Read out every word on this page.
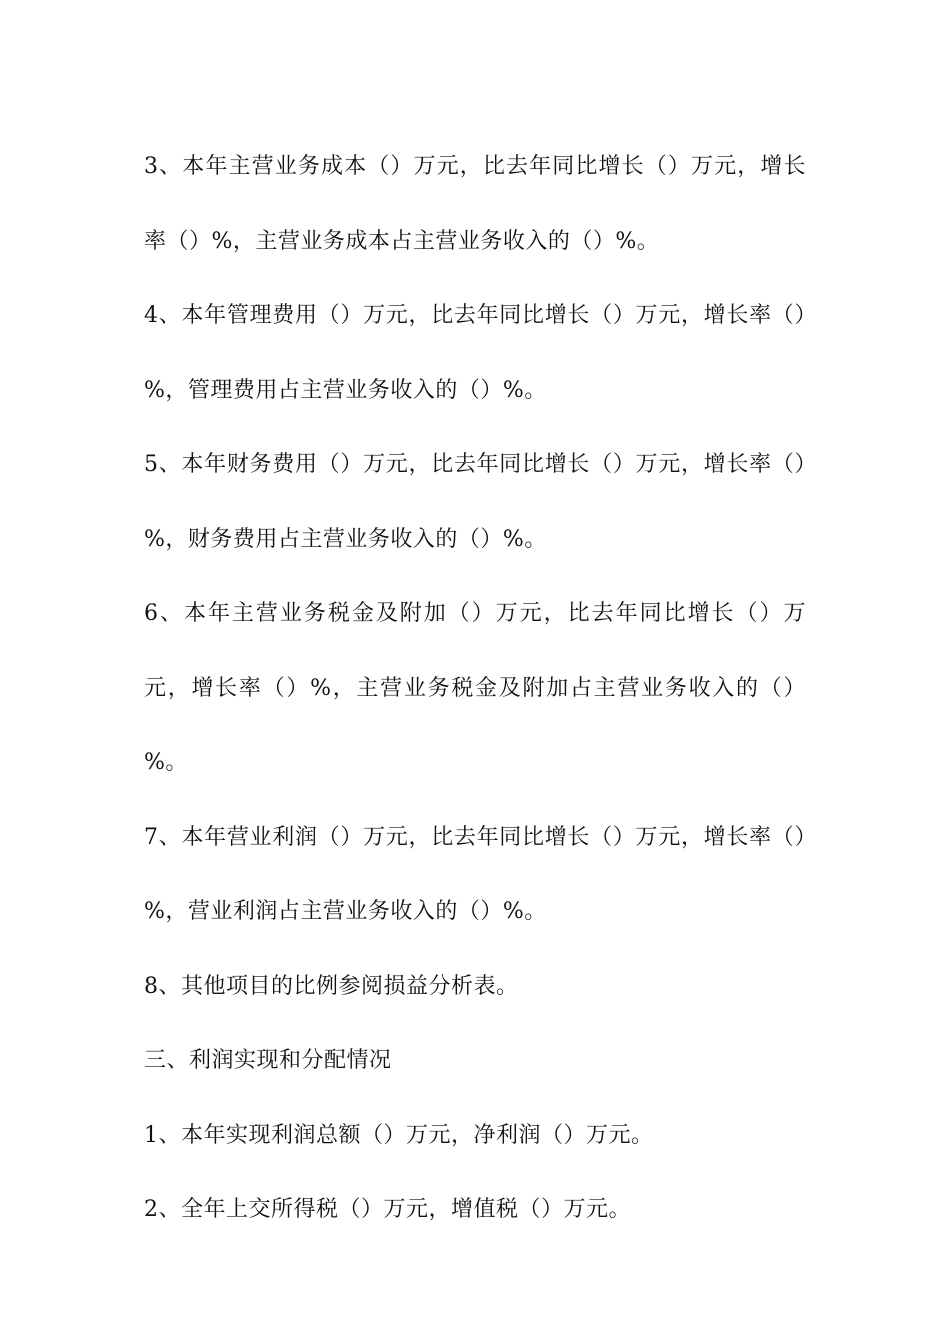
3、本年主营业务成本（）万元，比去年同比增长（）万元，增长率（）%，主营业务成本占主营业务收入的（）%。

4、本年管理费用（）万元，比去年同比增长（）万元，增长率（）%，管理费用占主营业务收入的（）%。

5、本年财务费用（）万元，比去年同比增长（）万元，增长率（）%，财务费用占主营业务收入的（）%。

6、本年主营业务税金及附加（）万元，比去年同比增长（）万元，增长率（）%，主营业务税金及附加占主营业务收入的（）%。

7、本年营业利润（）万元，比去年同比增长（）万元，增长率（）%，营业利润占主营业务收入的（）%。

8、其他项目的比例参阅损益分析表。

三、利润实现和分配情况

1、本年实现利润总额（）万元，净利润（）万元。

2、全年上交所得税（）万元，增值税（）万元。
